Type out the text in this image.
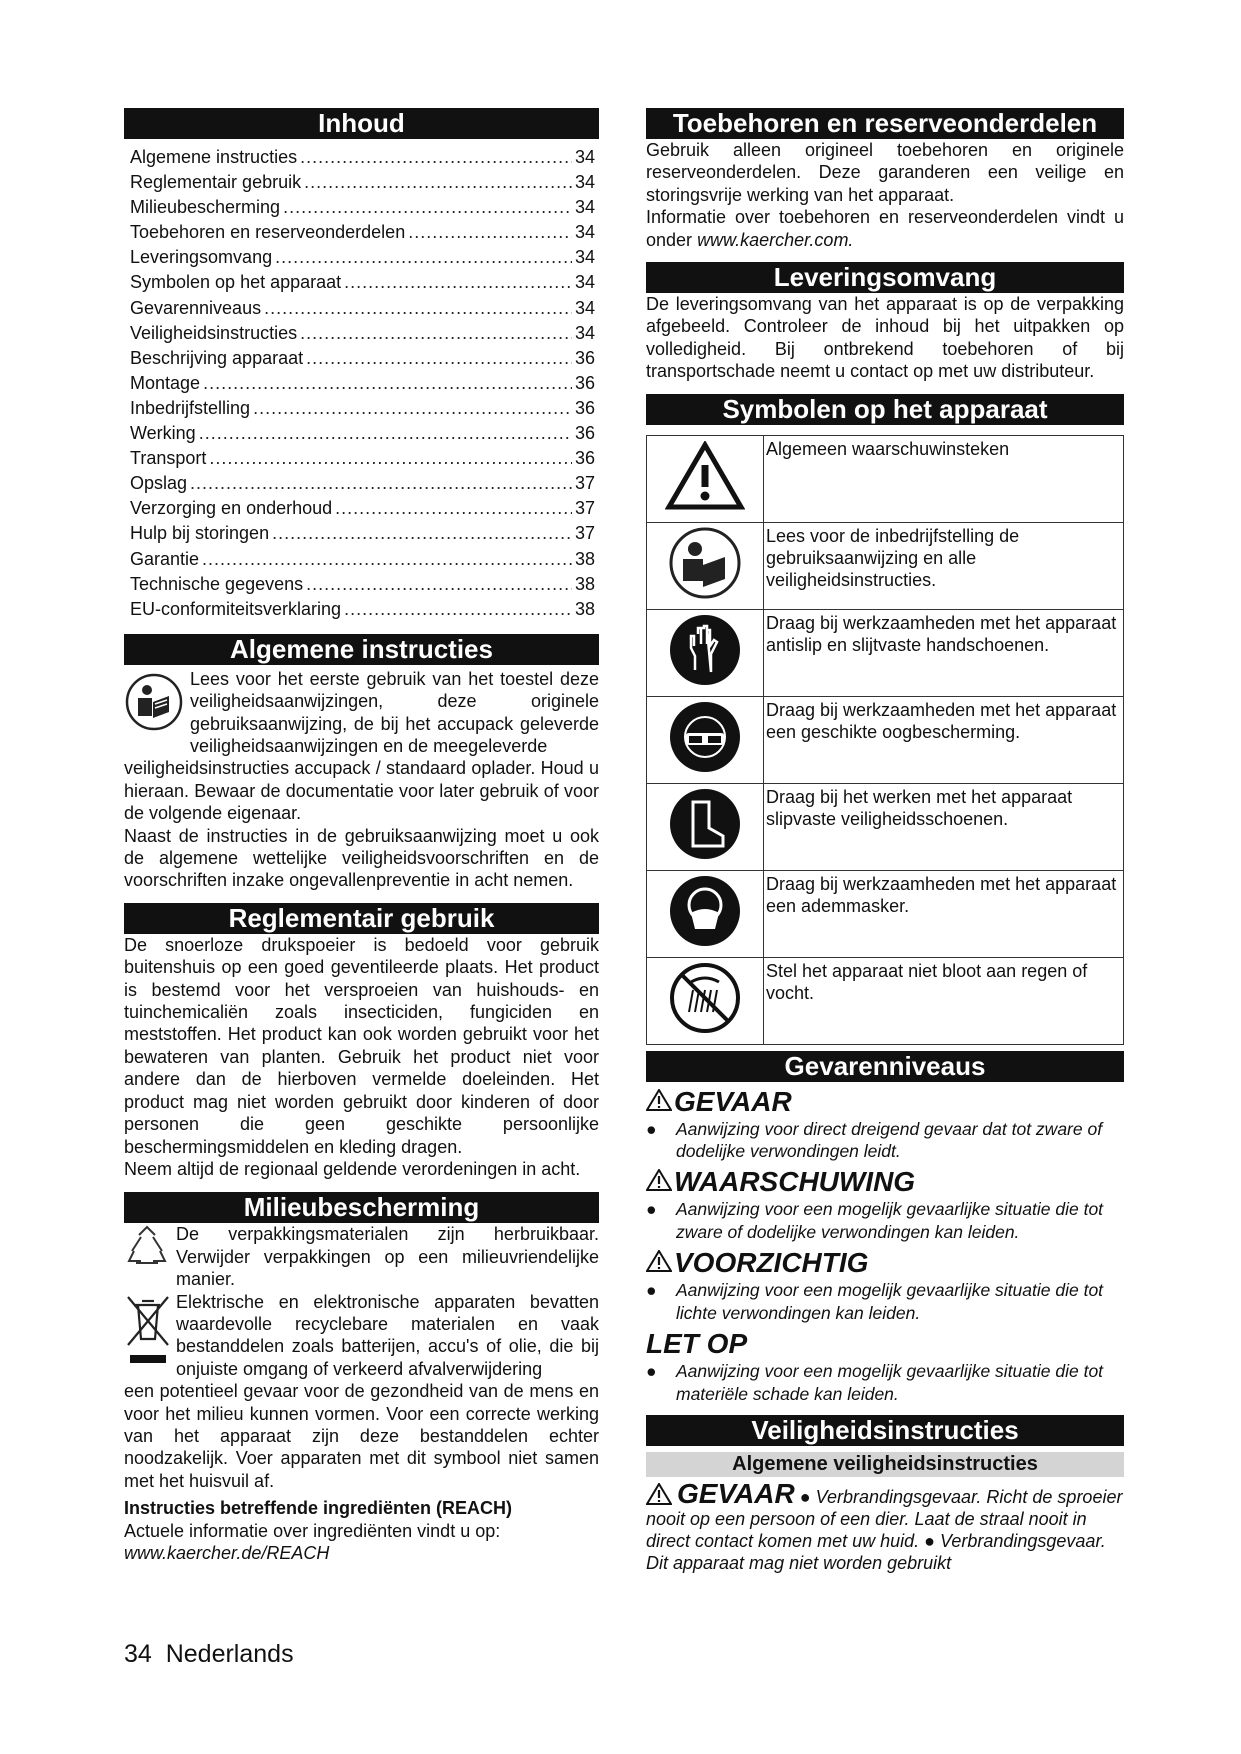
Inhoud
Algemene instructies .....	34
Reglementair gebruik .....	34
Milieubescherming .....	34
Toebehoren en reserveonderdelen .....	34
Leveringsomvang .....	34
Symbolen op het apparaat .....	34
Gevarenniveaus .....	34
Veiligheidsinstructies .....	34
Beschrijving apparaat .....	36
Montage .....	36
Inbedrijfstelling .....	36
Werking .....	36
Transport .....	36
Opslag .....	37
Verzorging en onderhoud .....	37
Hulp bij storingen .....	37
Garantie .....	38
Technische gegevens .....	38
EU-conformiteitsverklaring .....	38
Algemene instructies

Lees voor het eerste gebruik van het toestel deze veiligheidsaanwijzingen, deze originele gebruiksaanwijzing, de bij het accupack geleverde veiligheidsaanwijzingen en de meegeleverde

veiligheidsinstructies accupack / standaard oplader. Houd u hieraan. Bewaar de documentatie voor later gebruik of voor de volgende eigenaar.

Naast de instructies in de gebruiksaanwijzing moet u ook de algemene wettelijke veiligheidsvoorschriften en de voorschriften inzake ongevallenpreventie in acht nemen.

Reglementair gebruik

De snoerloze drukspoeier is bedoeld voor gebruik buitenshuis op een goed geventileerde plaats. Het product is bestemd voor het versproeien van huishouds- en tuinchemicaliën zoals insecticiden, fungiciden en meststoffen. Het product kan ook worden gebruikt voor het bewateren van planten. Gebruik het product niet voor andere dan de hierboven vermelde doeleinden. Het product mag niet worden gebruikt door kinderen of door personen die geen geschikte persoonlijke beschermingsmiddelen en kleding dragen.

Neem altijd de regionaal geldende verordeningen in acht.

Milieubescherming

De verpakkingsmaterialen zijn herbruikbaar. Verwijder verpakkingen op een milieuvriendelijke manier.

Elektrische en elektronische apparaten bevatten waardevolle recyclebare materialen en vaak bestanddelen zoals batterijen, accu's of olie, die bij onjuiste omgang of verkeerd afvalverwijdering

een potentieel gevaar voor de gezondheid van de mens en voor het milieu kunnen vormen. Voor een correcte werking van het apparaat zijn deze bestanddelen echter noodzakelijk. Voer apparaten met dit symbool niet samen met het huisvuil af.

Instructies betreffende ingrediënten (REACH)

Actuele informatie over ingrediënten vindt u op:

www.kaercher.de/REACH

Toebehoren en reserveonderdelen

Gebruik alleen origineel toebehoren en originele reserveonderdelen. Deze garanderen een veilige en storingsvrije werking van het apparaat.

Informatie over toebehoren en reserveonderdelen vindt u onder www.kaercher.com.

Leveringsomvang

De leveringsomvang van het apparaat is op de verpakking afgebeeld. Controleer de inhoud bij het uitpakken op volledigheid. Bij ontbrekend toebehoren of bij transportschade neemt u contact op met uw distributeur.

Symbolen op het apparaat
	Algemeen waarschuwinsteken
	Lees voor de inbedrijfstelling de gebruiksaanwijzing en alle veiligheidsinstructies.
	Draag bij werkzaamheden met het apparaat antislip en slijtvaste handschoenen.
	Draag bij werkzaamheden met het apparaat een geschikte oogbescherming.
	Draag bij het werken met het apparaat slipvaste veiligheidsschoenen.
	Draag bij werkzaamheden met het apparaat een ademmasker.
	Stel het apparaat niet bloot aan regen of vocht.
Gevarenniveaus
GEVAAR
●	Aanwijzing voor direct dreigend gevaar dat tot zware of dodelijke verwondingen leidt.
WAARSCHUWING
●	Aanwijzing voor een mogelijk gevaarlijke situatie die tot zware of dodelijke verwondingen kan leiden.
VOORZICHTIG
●	Aanwijzing voor een mogelijk gevaarlijke situatie die tot lichte verwondingen kan leiden.
LET OP
●	Aanwijzing voor een mogelijk gevaarlijke situatie die tot materiële schade kan leiden.
Veiligheidsinstructies
Algemene veiligheidsinstructies

GEVAAR ● Verbrandingsgevaar. Richt de sproeier nooit op een persoon of een dier. Laat de straal nooit in direct contact komen met uw huid. ● Verbrandingsgevaar. Dit apparaat mag niet worden gebruikt

34 Nederlands
